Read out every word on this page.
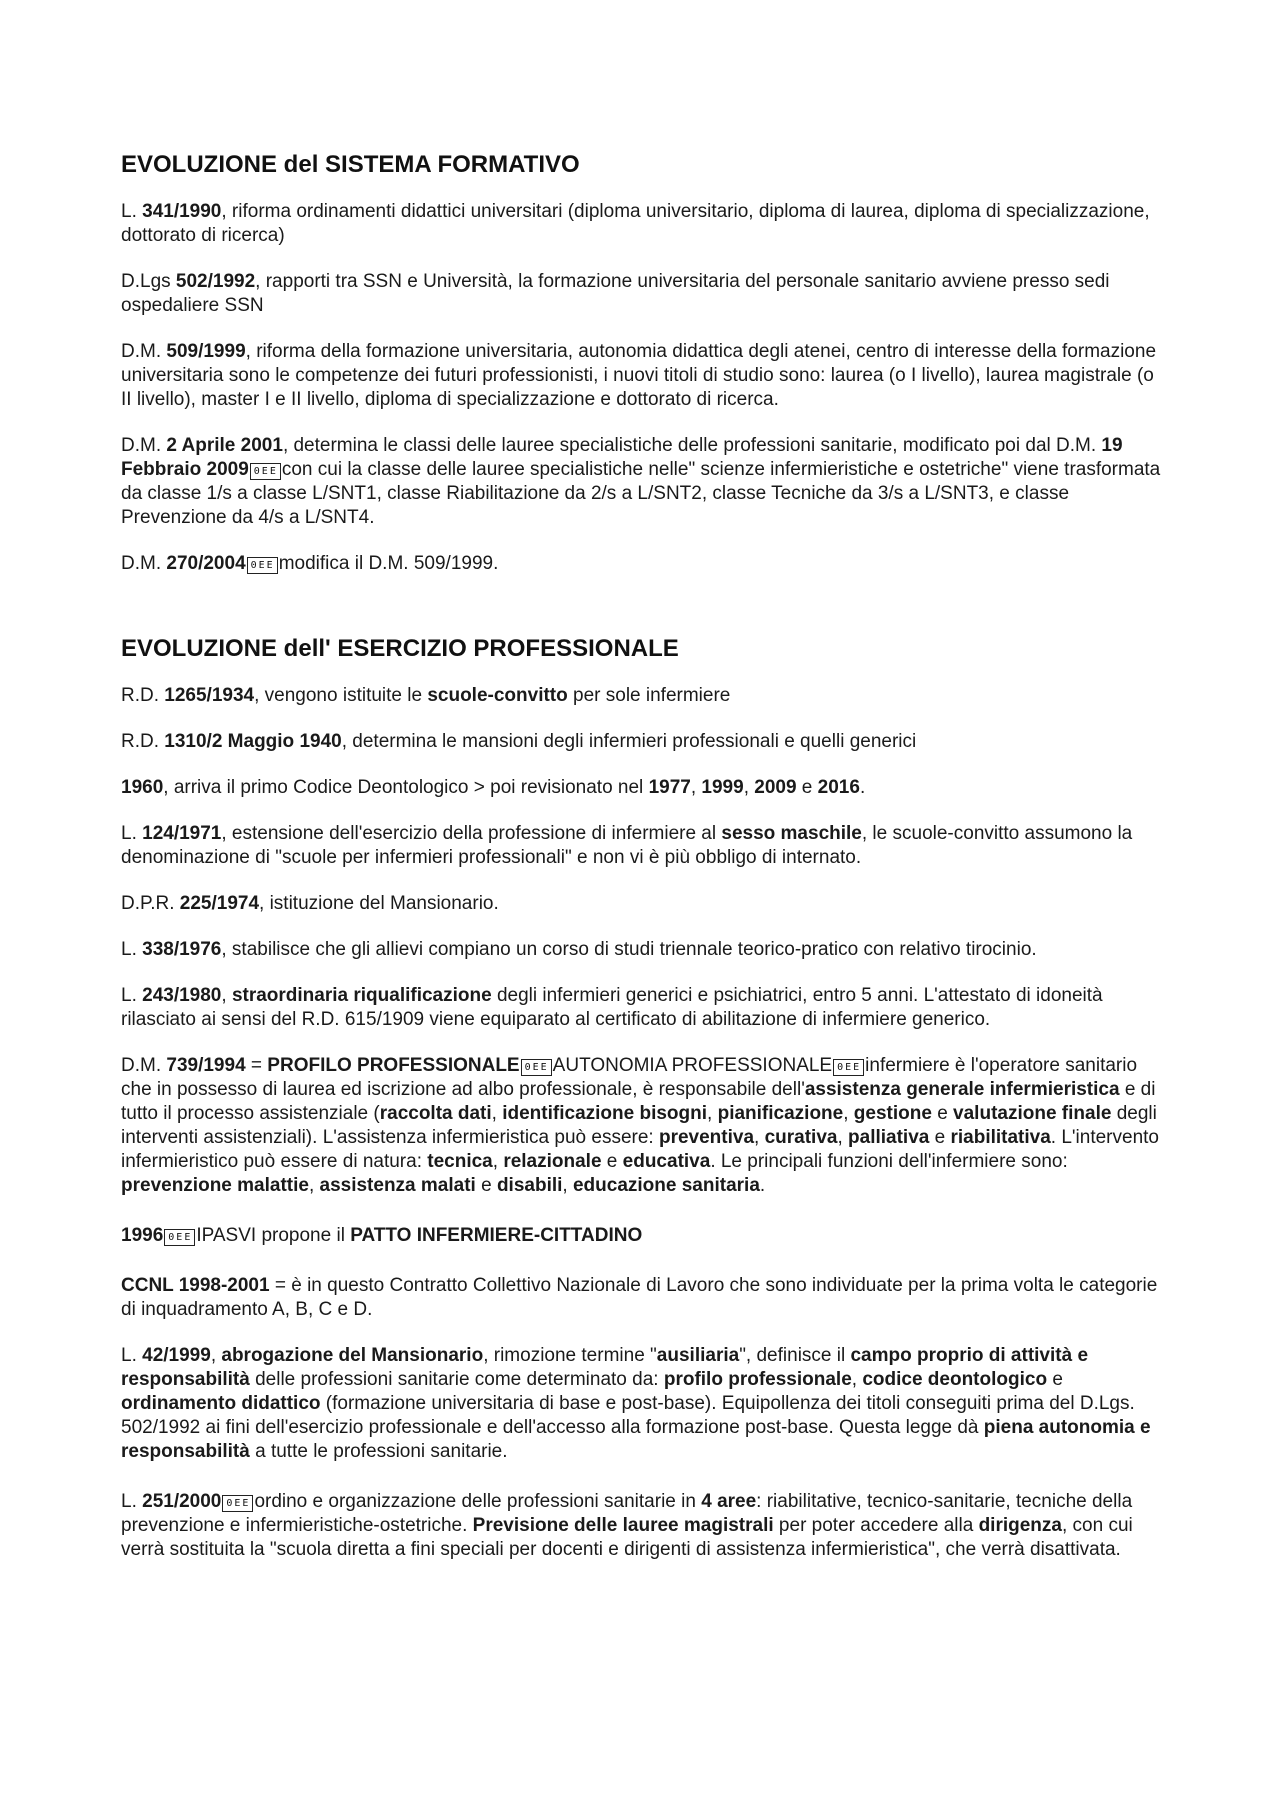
EVOLUZIONE del SISTEMA FORMATIVO

L. 341/1990, riforma ordinamenti didattici universitari (diploma universitario, diploma di laurea, diploma di specializzazione, dottorato di ricerca)

D.Lgs 502/1992, rapporti tra SSN e Università, la formazione universitaria del personale sanitario avviene presso sedi ospedaliere SSN

D.M. 509/1999, riforma della formazione universitaria, autonomia didattica degli atenei, centro di interesse della formazione universitaria sono le competenze dei futuri professionisti, i nuovi titoli di studio sono: laurea (o I livello), laurea magistrale (o II livello), master I e II livello, diploma di specializzazione e dottorato di ricerca.

D.M. 2 Aprile 2001, determina le classi delle lauree specialistiche delle professioni sanitarie, modificato poi dal D.M. 19 Febbraio 2009 0EE con cui la classe delle lauree specialistiche nelle" scienze infermieristiche e ostetriche" viene trasformata da classe 1/s a classe L/SNT1, classe Riabilitazione da 2/s a L/SNT2, classe Tecniche da 3/s a L/SNT3, e classe Prevenzione da 4/s a L/SNT4.

D.M. 270/2004 0EE modifica il D.M. 509/1999.

EVOLUZIONE dell' ESERCIZIO PROFESSIONALE

R.D. 1265/1934, vengono istituite le scuole-convitto per sole infermiere

R.D. 1310/2 Maggio 1940, determina le mansioni degli infermieri professionali e quelli generici

1960, arriva il primo Codice Deontologico > poi revisionato nel 1977, 1999, 2009 e 2016.

L. 124/1971, estensione dell'esercizio della professione di infermiere al sesso maschile, le scuole-convitto assumono la denominazione di "scuole per infermieri professionali" e non vi è più obbligo di internato.

D.P.R. 225/1974, istituzione del Mansionario.

L. 338/1976, stabilisce che gli allievi compiano un corso di studi triennale teorico-pratico con relativo tirocinio.

L. 243/1980, straordinaria riqualificazione degli infermieri generici e psichiatrici, entro 5 anni. L'attestato di idoneità rilasciato ai sensi del R.D. 615/1909 viene equiparato al certificato di abilitazione di infermiere generico.

D.M. 739/1994 = PROFILO PROFESSIONALE 0EE AUTONOMIA PROFESSIONALE 0EE infermiere è l'operatore sanitario che in possesso di laurea ed iscrizione ad albo professionale, è responsabile dell'assistenza generale infermieristica e di tutto il processo assistenziale (raccolta dati, identificazione bisogni, pianificazione, gestione e valutazione finale degli interventi assistenziali). L'assistenza infermieristica può essere: preventiva, curativa, palliativa e riabilitativa. L'intervento infermieristico può essere di natura: tecnica, relazionale e educativa. Le principali funzioni dell'infermiere sono: prevenzione malattie, assistenza malati e disabili, educazione sanitaria.

1996 0EE IPASVI propone il PATTO INFERMIERE-CITTADINO

CCNL 1998-2001 = è in questo Contratto Collettivo Nazionale di Lavoro che sono individuate per la prima volta le categorie di inquadramento A, B, C e D.

L. 42/1999, abrogazione del Mansionario, rimozione termine "ausiliaria", definisce il campo proprio di attività e responsabilità delle professioni sanitarie come determinato da: profilo professionale, codice deontologico e ordinamento didattico (formazione universitaria di base e post-base). Equipollenza dei titoli conseguiti prima del D.Lgs. 502/1992 ai fini dell'esercizio professionale e dell'accesso alla formazione post-base. Questa legge dà piena autonomia e responsabilità a tutte le professioni sanitarie.

L. 251/2000 0EE ordino e organizzazione delle professioni sanitarie in 4 aree: riabilitative, tecnico-sanitarie, tecniche della prevenzione e infermieristiche-ostetriche. Previsione delle lauree magistrali per poter accedere alla dirigenza, con cui verrà sostituita la "scuola diretta a fini speciali per docenti e dirigenti di assistenza infermieristica", che verrà disattivata.
